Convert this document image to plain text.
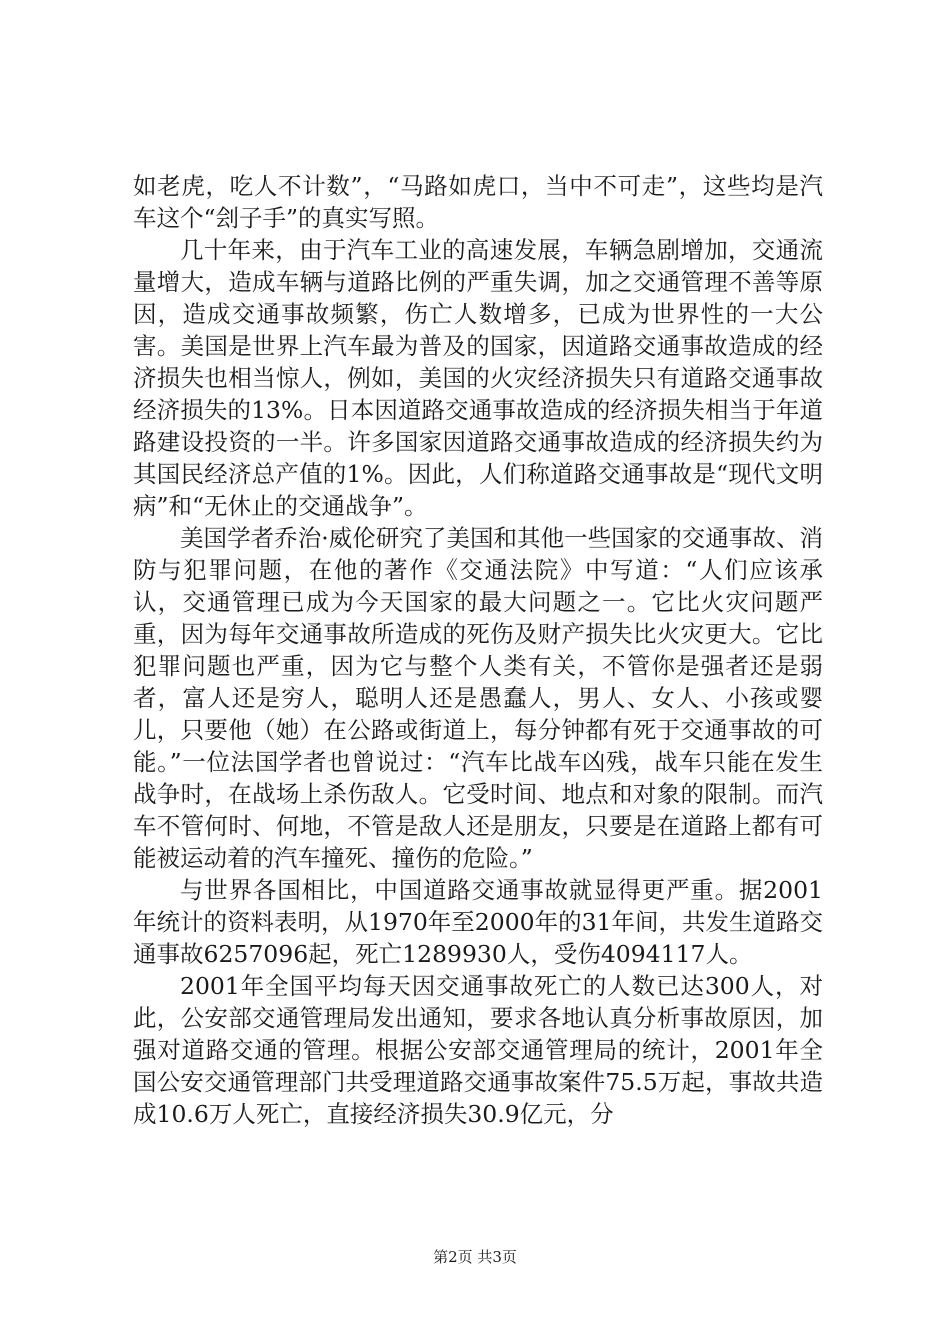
如老虎，吃人不计数”，“马路如虎口，当中不可走”，这些均是汽车这个“刽子手”的真实写照。

几十年来，由于汽车工业的高速发展，车辆急剧增加，交通流量增大，造成车辆与道路比例的严重失调，加之交通管理不善等原因，造成交通事故频繁，伤亡人数增多，已成为世界性的一大公害。美国是世界上汽车最为普及的国家，因道路交通事故造成的经济损失也相当惊人，例如，美国的火灾经济损失只有道路交通事故经济损失的13%。日本因道路交通事故造成的经济损失相当于年道路建设投资的一半。许多国家因道路交通事故造成的经济损失约为其国民经济总产值的1%。因此，人们称道路交通事故是“现代文明病”和“无休止的交通战争”。

美国学者乔治·威伦研究了美国和其他一些国家的交通事故、消防与犯罪问题，在他的著作《交通法院》中写道：“人们应该承认，交通管理已成为今天国家的最大问题之一。它比火灾问题严重，因为每年交通事故所造成的死伤及财产损失比火灾更大。它比犯罪问题也严重，因为它与整个人类有关，不管你是强者还是弱者，富人还是穷人，聪明人还是愚蠢人，男人、女人、小孩或婴儿，只要他（她）在公路或街道上，每分钟都有死于交通事故的可能。”一位法国学者也曾说过：“汽车比战车凶残，战车只能在发生战争时，在战场上杀伤敌人。它受时间、地点和对象的限制。而汽车不管何时、何地，不管是敌人还是朋友，只要是在道路上都有可能被运动着的汽车撞死、撞伤的危险。”

与世界各国相比，中国道路交通事故就显得更严重。据2001年统计的资料表明，从1970年至2000年的31年间，共发生道路交通事故6257096起，死亡1289930人，受伤4094117人。

2001年全国平均每天因交通事故死亡的人数已达300人，对此，公安部交通管理局发出通知，要求各地认真分析事故原因，加强对道路交通的管理。根据公安部交通管理局的统计，2001年全国公安交通管理部门共受理道路交通事故案件75.5万起，事故共造成10.6万人死亡，直接经济损失30.9亿元，分

第2页 共3页
